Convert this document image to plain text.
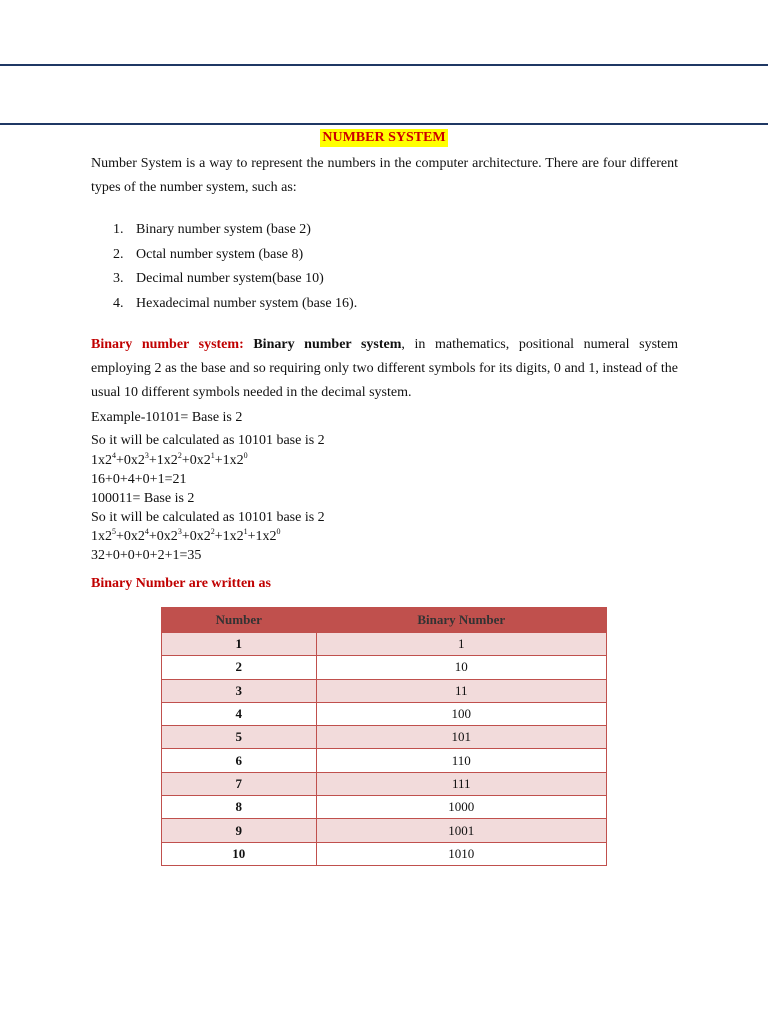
NUMBER SYSTEM
Number System is a way to represent the numbers in the computer architecture. There are four different types of the number system, such as:
1. Binary number system (base 2)
2. Octal number system (base 8)
3. Decimal number system(base 10)
4. Hexadecimal number system (base 16).
Binary number system: Binary number system, in mathematics, positional numeral system employing 2 as the base and so requiring only two different symbols for its digits, 0 and 1, instead of the usual 10 different symbols needed in the decimal system.
Example-10101= Base is 2
So it will be calculated as 10101 base is 2
$1x2^4+0x2^3+1x2^2+0x2^1+1x2^0$
16+0+4+0+1=21
100011= Base is 2
So it will be calculated as 10101 base is 2
$1x2^5+0x2^4+0x2^3+0x2^2+1x2^1+1x2^0$
32+0+0+0+2+1=35
Binary Number are written as
Number	Binary Number
1	1
2	10
3	11
4	100
5	101
6	110
7	111
8	1000
9	1001
10	1010
